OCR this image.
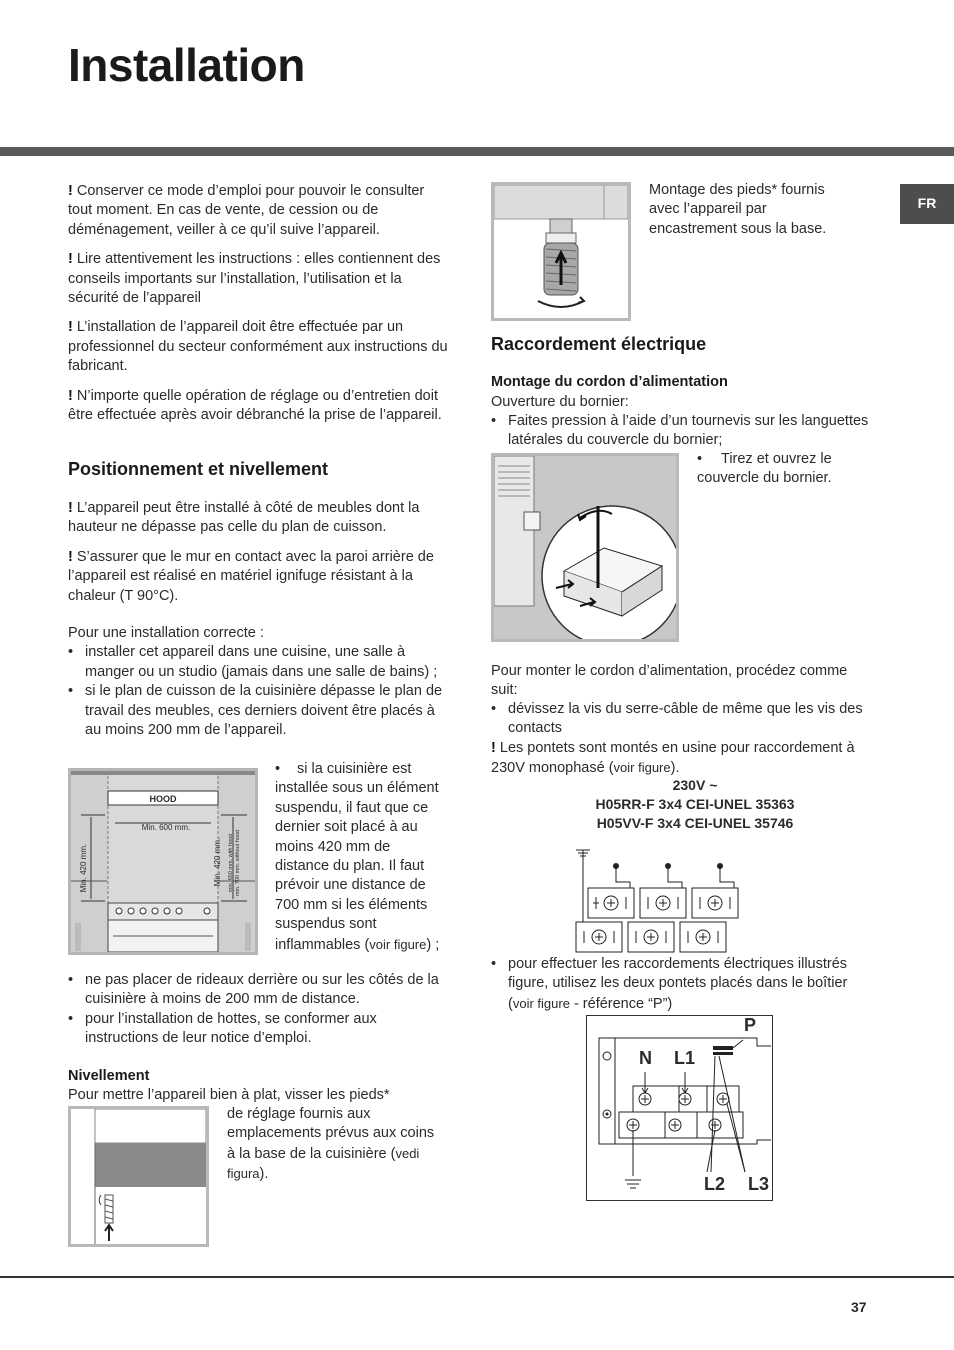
Installation
FR

! Conserver ce mode d’emploi pour pouvoir le consulter tout moment. En cas de vente, de cession ou de déménagement, veiller à ce qu’il suive l’appareil.

! Lire attentivement les instructions : elles contiennent des conseils importants sur l’installation, l’utilisation et la sécurité de l’appareil

! L’installation de l’appareil doit être effectuée par un professionnel du secteur conformément aux instructions du fabricant.

! N’importe quelle opération de réglage ou d’entretien doit être effectuée après avoir débranché la prise de l’appareil.

Positionnement et nivellement

! L’appareil peut être installé à côté de meubles dont la hauteur ne dépasse pas celle du plan de cuisson.

! S’assurer que le mur en contact avec la paroi arrière de l’appareil est réalisé en matériel ignifuge résistant à la chaleur (T 90°C).

Pour une installation correcte :

• installer cet appareil dans une cuisine, une salle à manger ou un studio (jamais dans une salle de bains) ;
• si le plan de cuisson de la cuisinière dépasse le plan de travail des meubles, ces derniers doivent être placés à au moins 200 mm de l’appareil.
HOOD
Min. 600 mm.
Min. 420 mm.	Min. 420 mm. min. 650 mm. with hood
min. 700 mm. without hood
• si la cuisinière est installée sous un élément suspendu, il faut que ce dernier soit placé à au moins 420 mm de distance du plan. Il faut prévoir une distance de 700 mm si les éléments suspendus sont inflammables (voir figure) ;
• ne pas placer de rideaux derrière ou sur les côtés de la cuisinière à moins de 200 mm de distance.
• pour l’installation de hottes, se conformer aux instructions de leur notice d’emploi.
Nivellement

Pour mettre l’appareil bien à plat, visser les pieds*

de réglage fournis aux emplacements prévus aux coins à la base de la cuisinière (vedi figura).

Montage des pieds* fournis avec l’appareil par encastrement sous la base.

Raccordement électrique
Montage du cordon d’alimentation

Ouverture du bornier:

• Faites pression à l’aide d’un tournevis sur les languettes latérales du couvercle du bornier;

• Tirez et ouvrez le couvercle du bornier.

Pour monter le cordon d’alimentation, procédez comme suit:

• dévissez la vis du serre-câble de même que les vis des contacts

! Les pontets sont montés en usine pour raccordement à 230V monophasé (voir figure).

230V ~
H05RR-F 3x4 CEI-UNEL 35363
H05VV-F 3x4 CEI-UNEL 35746
• pour effectuer les raccordements électriques illustrés figure, utilisez les deux pontets placés dans le boîtier (voir figure - référence “P”)
P
N L1
L2 L3
37
